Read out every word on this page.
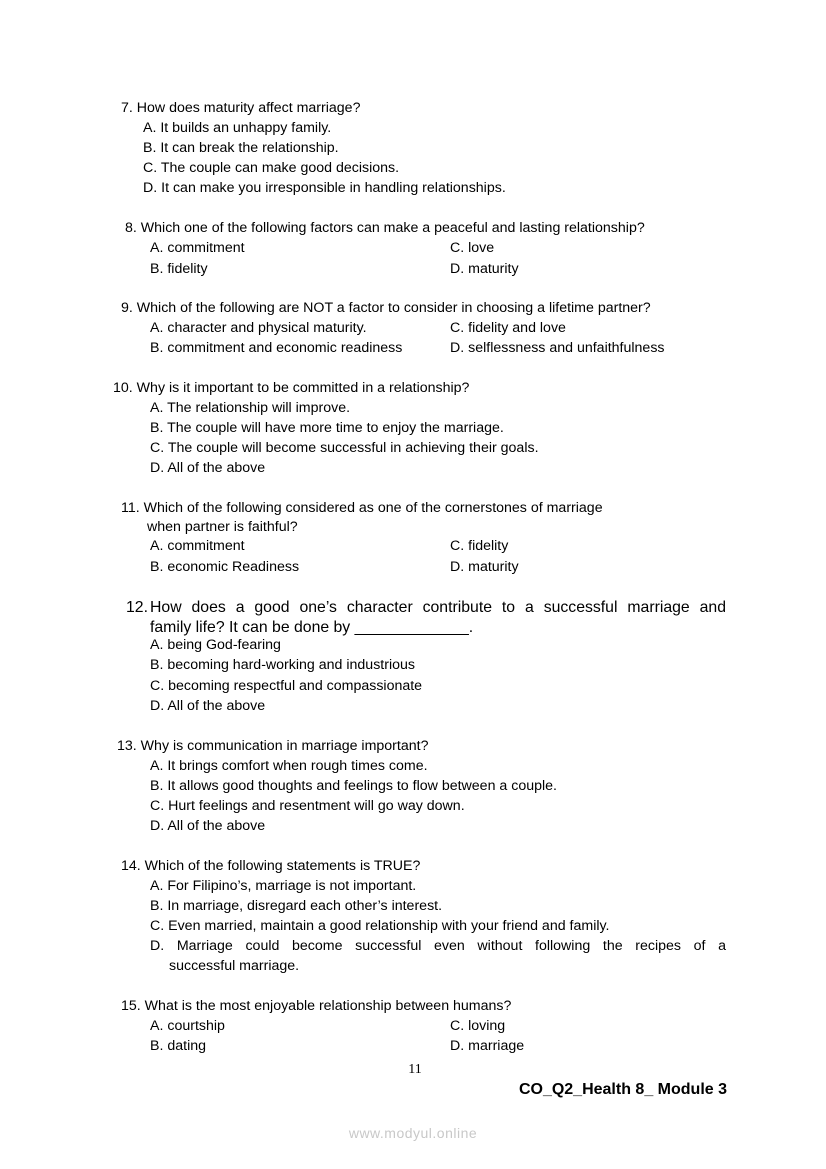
7. How does maturity affect marriage?
A. It builds an unhappy family.
B. It can break the relationship.
C. The couple can make good decisions.
D. It can make you irresponsible in handling relationships.
8. Which one of the following factors can make a peaceful and lasting relationship?
A. commitment	C. love
B. fidelity	D. maturity
9. Which of the following are NOT a factor to consider in choosing a lifetime partner?
A. character and physical maturity.	C. fidelity and love
B. commitment and economic readiness	D. selflessness and unfaithfulness
10. Why is it important to be committed in a relationship?
A. The relationship will improve.
B. The couple will have more time to enjoy the marriage.
C. The couple will become successful in achieving their goals.
D. All of the above
11. Which of the following considered as one of the cornerstones of marriage
when partner is faithful?
A. commitment	C. fidelity
B. economic Readiness	D. maturity
12. How does a good one’s character contribute to a successful marriage and
family life? It can be done by _____________.
A. being God-fearing
B. becoming hard-working and industrious
C. becoming respectful and compassionate
D. All of the above
13. Why is communication in marriage important?
A. It brings comfort when rough times come.
B. It allows good thoughts and feelings to flow between a couple.
C. Hurt feelings and resentment will go way down.
D. All of the above
14. Which of the following statements is TRUE?
A. For Filipino’s, marriage is not important.
B. In marriage, disregard each other’s interest.
C. Even married, maintain a good relationship with your friend and family.
D. Marriage could become successful even without following the recipes of a
successful marriage.
15. What is the most enjoyable relationship between humans?
A. courtship	C. loving
B. dating	D. marriage
11
CO_Q2_Health 8_ Module 3
www.modyul.online
